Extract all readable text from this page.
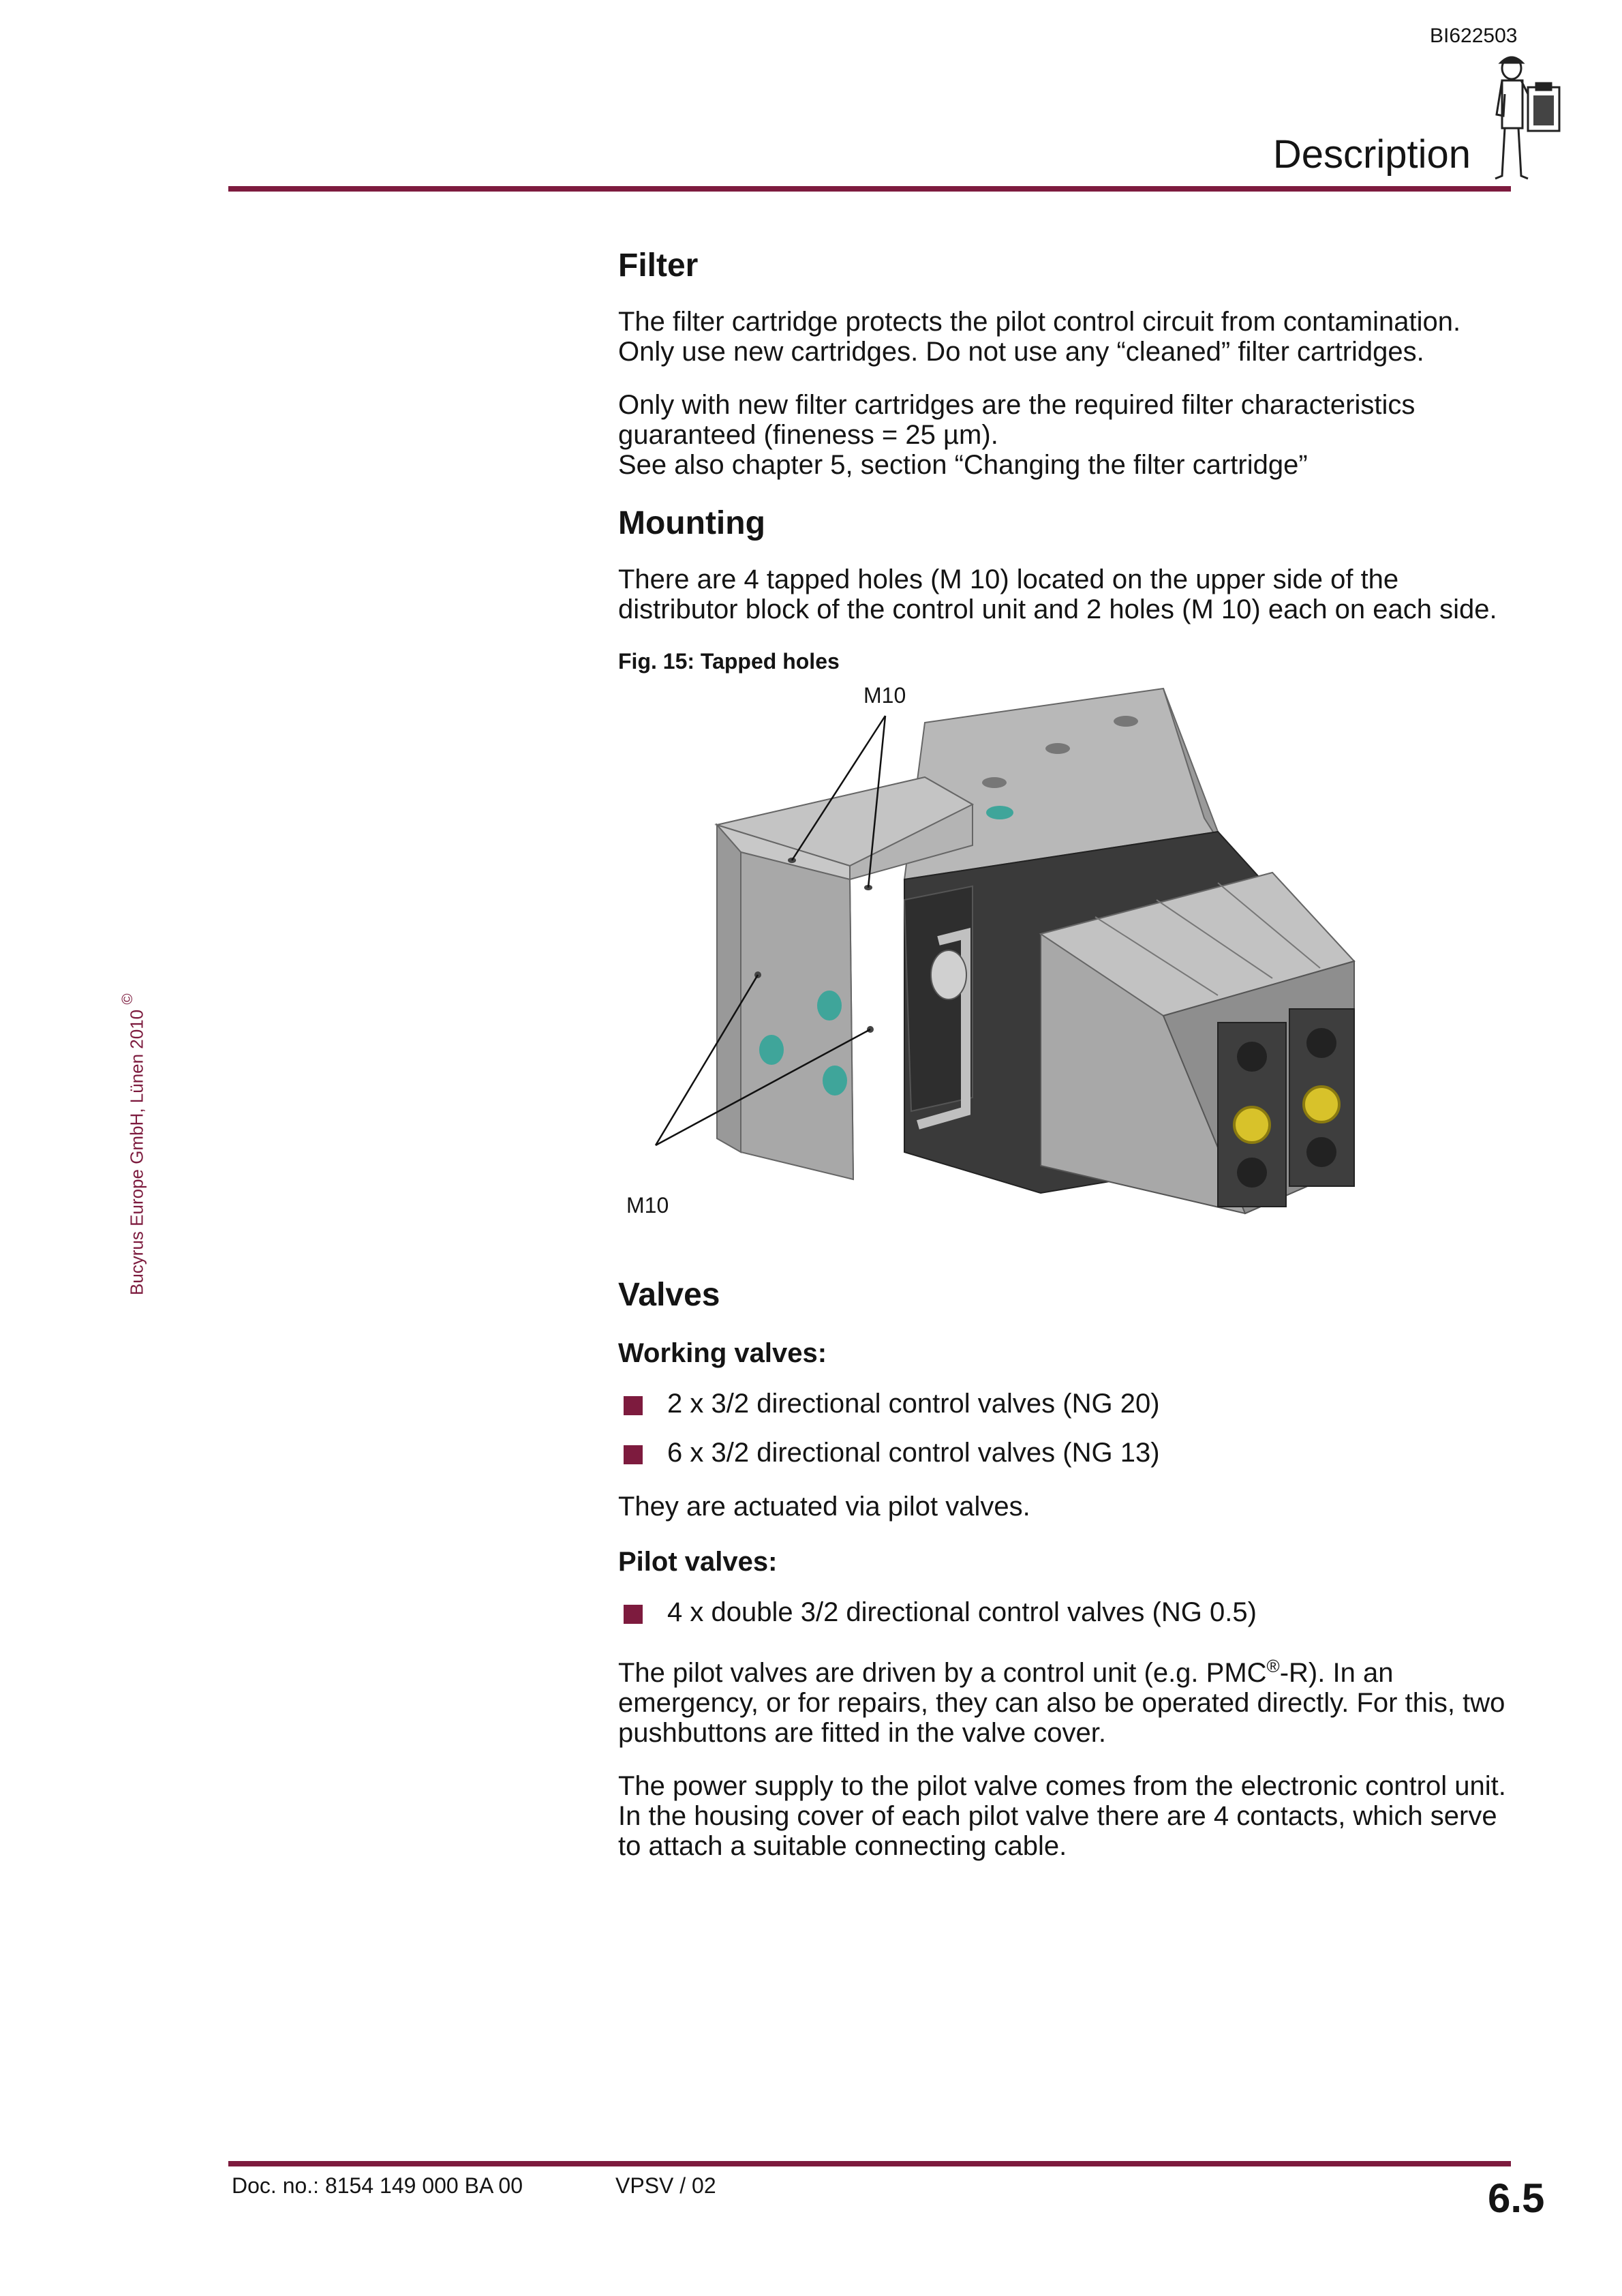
BI622503
Description
Bucyrus Europe GmbH, Lünen 2010 ©
Filter

The filter cartridge protects the pilot control circuit from contamination. Only use new cartridges. Do not use any “cleaned” filter cartridges.

Only with new filter cartridges are the required filter characteristics guaranteed (fineness = 25 µm).
See also chapter 5, section “Changing the filter cartridge”

Mounting

There are 4 tapped holes (M 10) located on the upper side of the distributor block of the control unit and 2 holes (M 10) each on each side.

Fig. 15: Tapped holes
M10
M10
Valves
Working valves:
2 x 3/2 directional control valves (NG 20)
6 x 3/2 directional control valves (NG 13)

They are actuated via pilot valves.

Pilot valves:
4 x double 3/2 directional control valves (NG 0.5)

The pilot valves are driven by a control unit (e.g. PMC®-R). In an emergency, or for repairs, they can also be operated directly. For this, two pushbuttons are fitted in the valve cover.

The power supply to the pilot valve comes from the electronic control unit. In the housing cover of each pilot valve there are 4 contacts, which serve to attach a suitable connecting cable.

Doc. no.: 8154 149 000 BA 00	VPSV / 02	6.5
